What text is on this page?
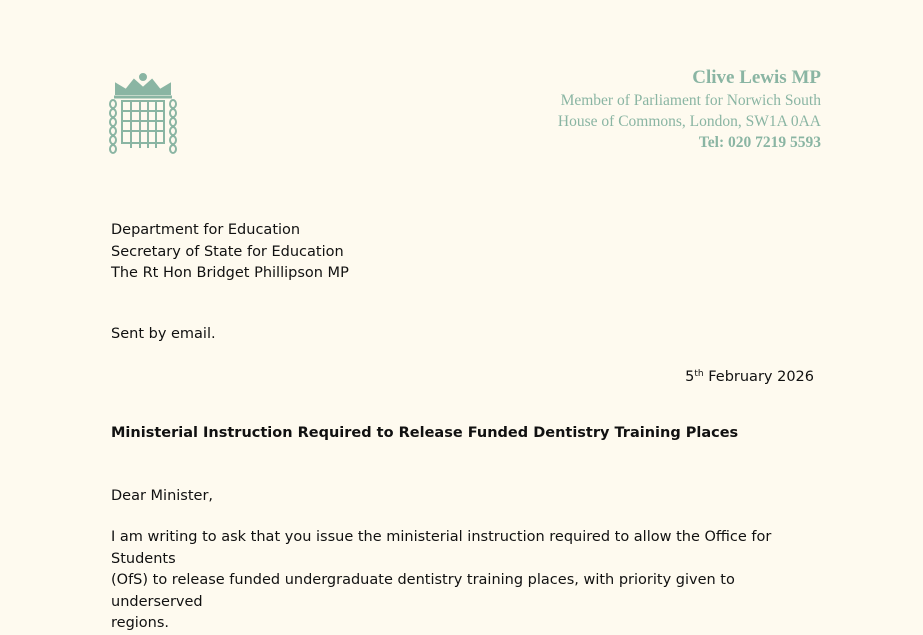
Clive Lewis MP
Member of Parliament for Norwich South
House of Commons, London, SW1A 0AA
Tel: 020 7219 5593
Department for Education
Secretary of State for Education
The Rt Hon Bridget Phillipson MP
Sent by email.
5th February 2026
Ministerial Instruction Required to Release Funded Dentistry Training Places
Dear Minister,
I am writing to ask that you issue the ministerial instruction required to allow the Office for Students
(OfS) to release funded undergraduate dentistry training places, with priority given to underserved
regions.
